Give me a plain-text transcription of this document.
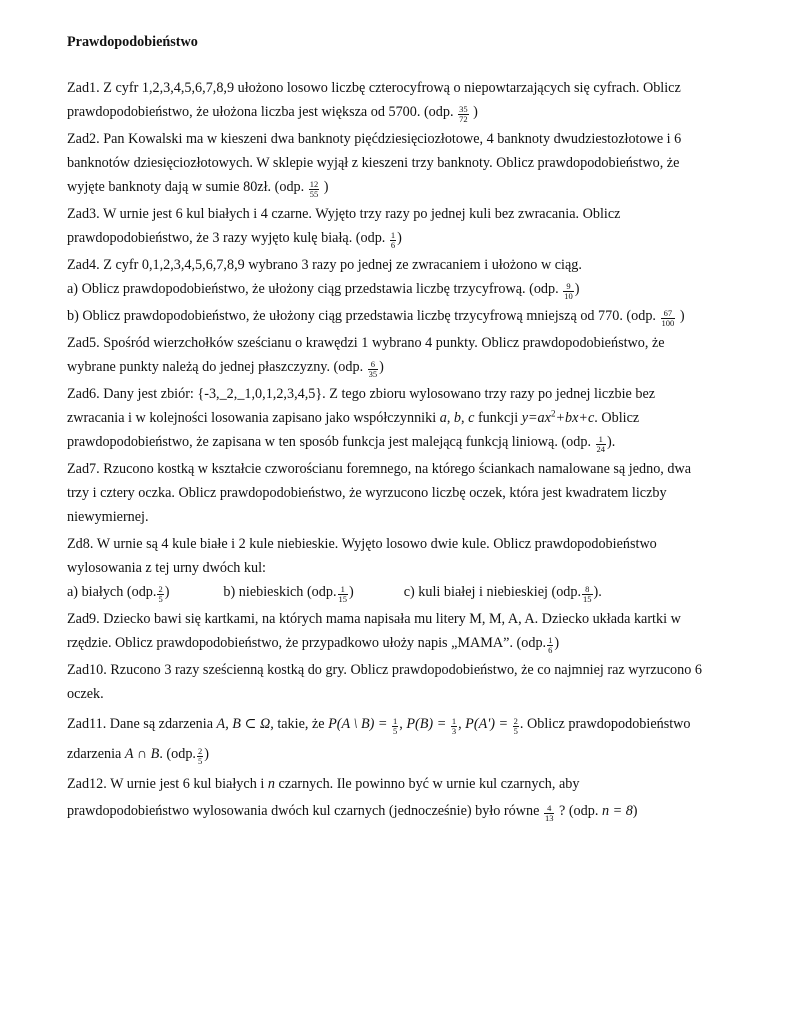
Prawdopodobieństwo
Zad1. Z cyfr 1,2,3,4,5,6,7,8,9 ułożono losowo liczbę czterocyfrową o niepowtarzających się cyfrach. Oblicz
prawdopodobieństwo, że ułożona liczba jest większa od 5700. (odp. $\frac{35}{72}$ )
Zad2. Pan Kowalski ma w kieszeni dwa banknoty pięćdziesięciozłotowe, 4 banknoty dwudziestozłotowe i 6
banknotów dziesięciozłotowych. W sklepie wyjął z kieszeni trzy banknoty. Oblicz prawdopodobieństwo, że
wyjęte banknoty dają w sumie 80zł. (odp. $\frac{12}{55}$ )
Zad3. W urnie jest 6 kul białych i 4 czarne. Wyjęto trzy razy po jednej kuli bez zwracania. Oblicz
prawdopodobieństwo, że 3 razy wyjęto kulę białą. (odp. $\frac{1}{6}$ )
Zad4. Z cyfr 0,1,2,3,4,5,6,7,8,9 wybrano 3 razy po jednej ze zwracaniem i ułożono w ciąg.
a) Oblicz prawdopodobieństwo, że ułożony ciąg przedstawia liczbę trzycyfrową. (odp. $\frac{9}{10}$ )
b) Oblicz prawdopodobieństwo, że ułożony ciąg przedstawia liczbę trzycyfrową mniejszą od 770. (odp. $\frac{67}{100}$ )
Zad5. Spośród wierzchołków sześcianu o krawędzi 1 wybrano 4 punkty. Oblicz prawdopodobieństwo, że
wybrane punkty należą do jednej płaszczyzny. (odp. $\frac{6}{35}$ )
Zad6. Dany jest zbiór: {-3,_2,_1,0,1,2,3,4,5}. Z tego zbioru wylosowano trzy razy po jednej liczbie bez
zwracania i w kolejności losowania zapisano jako współczynniki a, b, c funkcji $y=ax^2+bx+c$. Oblicz
prawdopodobieństwo, że zapisana w ten sposób funkcja jest malejącą funkcją liniową. (odp. $\frac{1}{24}$ ).
Zad7. Rzucono kostką w kształcie czworościanu foremnego, na którego ściankach namalowane są jedno, dwa
trzy i cztery oczka. Oblicz prawdopodobieństwo, że wyrzucono liczbę oczek, która jest kwadratem liczby
niewymiernej.
Zd8. W urnie są 4 kule białe i 2 kule niebieskie. Wyjęto losowo dwie kule. Oblicz prawdopodobieństwo
wylosowania z tej urny dwóch kul:
a) białych (odp. $\frac{2}{5}$ )	b) niebieskich (odp. $\frac{1}{15}$ )	c) kuli białej i niebieskiej (odp. $\frac{8}{15}$ ).
Zad9. Dziecko bawi się kartkami, na których mama napisała mu litery M, M, A, A. Dziecko układa kartki w
rzędzie. Oblicz prawdopodobieństwo, że przypadkowo ułoży napis „MAMA”. (odp. $\frac{1}{6}$ )
Zad10. Rzucono 3 razy sześcienną kostką do gry. Oblicz prawdopodobieństwo, że co najmniej raz wyrzucono 6
oczek.
Zad11. Dane są zdarzenia A, B ⊂ Ω, takie, że P(A \ $B) = \frac{1}{5}$ , $P(B) = \frac{1}{3}$ , $P(A') = \frac{2}{5}$ . Oblicz prawdopodobieństwo
zdarzenia A ∩ B. (odp. $\frac{2}{5}$ )
Zad12. W urnie jest 6 kul białych i n czarnych. Ile powinno być w urnie kul czarnych, aby
prawdopodobieństwo wylosowania dwóch kul czarnych (jednocześnie) było równe $\frac{4}{13}$ ? (odp. n = 8)
